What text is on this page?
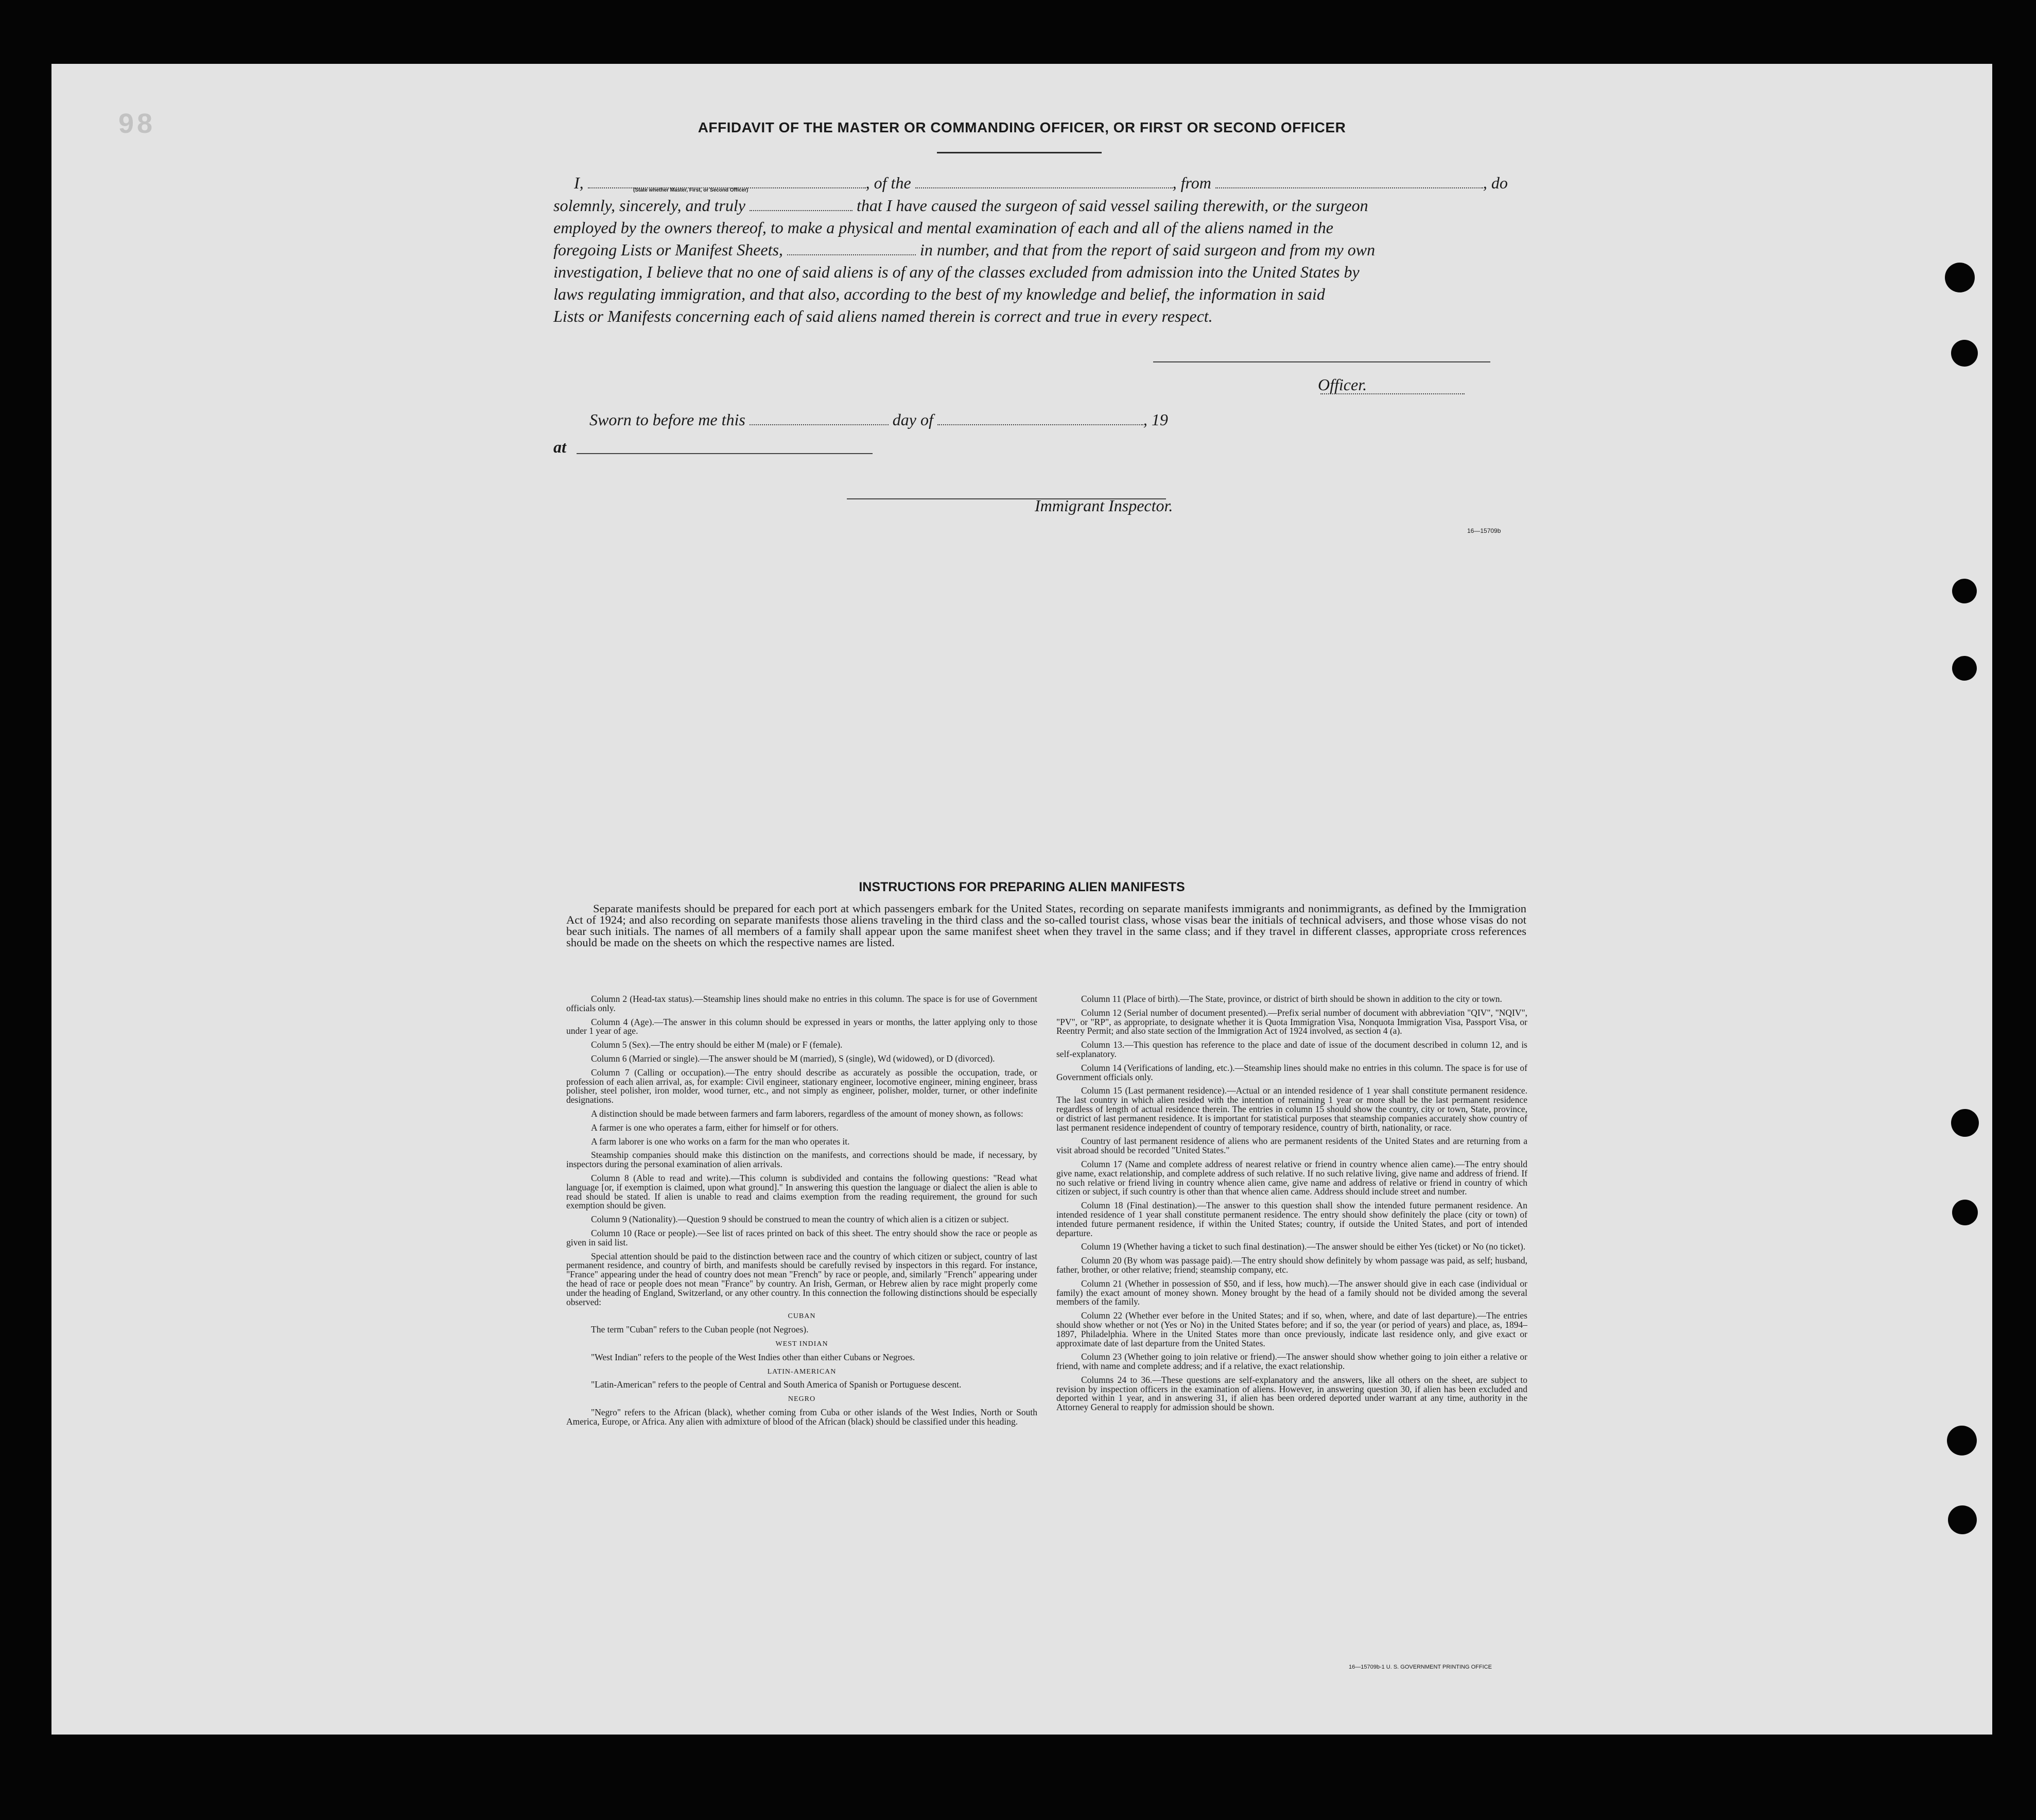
98	AFFIDAVIT OF THE MASTER OR COMMANDING OFFICER, OR FIRST OR SECOND OFFICER
I,	, of the	, from	, do
(State whether Master, First, or Second Officer)
solemnly, sincerely, and truly	that I have caused the surgeon of said vessel sailing therewith, or the surgeon
employed by the owners thereof, to make a physical and mental examination of each and all of the aliens named in the
foregoing Lists or Manifest Sheets,	in number, and that from the report of said surgeon and from my own
investigation, I believe that no one of said aliens is of any of the classes excluded from admission into the United States by
laws regulating immigration, and that also, according to the best of my knowledge and belief, the information in said
Lists or Manifests concerning each of said aliens named therein is correct and true in every respect.
Officer.
Sworn to before me this	day of	, 19
at
Immigrant Inspector.
16—15709b
INSTRUCTIONS FOR PREPARING ALIEN MANIFESTS
Separate manifests should be prepared for each port at which passengers embark for the United States, recording on separate manifests immigrants and nonimmigrants, as defined by the Immigration Act of 1924; and also recording on separate manifests those aliens traveling in the third class and the so-called tourist class, whose visas bear the initials of technical advisers, and those whose visas do not bear such initials. The names of all members of a family shall appear upon the same manifest sheet when they travel in the same class; and if they travel in different classes, appropriate cross references should be made on the sheets on which the respective names are listed.

Column 2 (Head-tax status).—Steamship lines should make no entries in this column. The space is for use of Government officials only.

Column 4 (Age).—The answer in this column should be expressed in years or months, the latter applying only to those under 1 year of age.

Column 5 (Sex).—The entry should be either M (male) or F (female).

Column 6 (Married or single).—The answer should be M (married), S (single), Wd (widowed), or D (divorced).

Column 7 (Calling or occupation).—The entry should describe as accurately as possible the occupation, trade, or profession of each alien arrival, as, for example: Civil engineer, stationary engineer, locomotive engineer, mining engineer, brass polisher, steel polisher, iron molder, wood turner, etc., and not simply as engineer, polisher, molder, turner, or other indefinite designations.

A distinction should be made between farmers and farm laborers, regardless of the amount of money shown, as follows:

A farmer is one who operates a farm, either for himself or for others.

A farm laborer is one who works on a farm for the man who operates it.

Steamship companies should make this distinction on the manifests, and corrections should be made, if necessary, by inspectors during the personal examination of alien arrivals.

Column 8 (Able to read and write).—This column is subdivided and contains the following questions: "Read what language [or, if exemption is claimed, upon what ground]." In answering this question the language or dialect the alien is able to read should be stated. If alien is unable to read and claims exemption from the reading requirement, the ground for such exemption should be given.

Column 9 (Nationality).—Question 9 should be construed to mean the country of which alien is a citizen or subject.

Column 10 (Race or people).—See list of races printed on back of this sheet. The entry should show the race or people as given in said list.

Special attention should be paid to the distinction between race and the country of which citizen or subject, country of last permanent residence, and country of birth, and manifests should be carefully revised by inspectors in this regard. For instance, "France" appearing under the head of country does not mean "French" by race or people, and, similarly "French" appearing under the head of race or people does not mean "France" by country. An Irish, German, or Hebrew alien by race might properly come under the heading of England, Switzerland, or any other country. In this connection the following distinctions should be especially observed:

CUBAN

The term "Cuban" refers to the Cuban people (not Negroes).

WEST INDIAN

"West Indian" refers to the people of the West Indies other than either Cubans or Negroes.

LATIN-AMERICAN

"Latin-American" refers to the people of Central and South America of Spanish or Portuguese descent.

NEGRO

"Negro" refers to the African (black), whether coming from Cuba or other islands of the West Indies, North or South America, Europe, or Africa. Any alien with admixture of blood of the African (black) should be classified under this heading.

Column 11 (Place of birth).—The State, province, or district of birth should be shown in addition to the city or town.

Column 12 (Serial number of document presented).—Prefix serial number of document with abbreviation "QIV", "NQIV", "PV", or "RP", as appropriate, to designate whether it is Quota Immigration Visa, Nonquota Immigration Visa, Passport Visa, or Reentry Permit; and also state section of the Immigration Act of 1924 involved, as section 4 (a).

Column 13.—This question has reference to the place and date of issue of the document described in column 12, and is self-explanatory.

Column 14 (Verifications of landing, etc.).—Steamship lines should make no entries in this column. The space is for use of Government officials only.

Column 15 (Last permanent residence).—Actual or an intended residence of 1 year shall constitute permanent residence. The last country in which alien resided with the intention of remaining 1 year or more shall be the last permanent residence regardless of length of actual residence therein. The entries in column 15 should show the country, city or town, State, province, or district of last permanent residence. It is important for statistical purposes that steamship companies accurately show country of last permanent residence independent of country of temporary residence, country of birth, nationality, or race.

Country of last permanent residence of aliens who are permanent residents of the United States and are returning from a visit abroad should be recorded "United States."

Column 17 (Name and complete address of nearest relative or friend in country whence alien came).—The entry should give name, exact relationship, and complete address of such relative. If no such relative living, give name and address of friend. If no such relative or friend living in country whence alien came, give name and address of relative or friend in country of which citizen or subject, if such country is other than that whence alien came. Address should include street and number.

Column 18 (Final destination).—The answer to this question shall show the intended future permanent residence. An intended residence of 1 year shall constitute permanent residence. The entry should show definitely the place (city or town) of intended future permanent residence, if within the United States; country, if outside the United States, and port of intended departure.

Column 19 (Whether having a ticket to such final destination).—The answer should be either Yes (ticket) or No (no ticket).

Column 20 (By whom was passage paid).—The entry should show definitely by whom passage was paid, as self; husband, father, brother, or other relative; friend; steamship company, etc.

Column 21 (Whether in possession of $50, and if less, how much).—The answer should give in each case (individual or family) the exact amount of money shown. Money brought by the head of a family should not be divided among the several members of the family.

Column 22 (Whether ever before in the United States; and if so, when, where, and date of last departure).—The entries should show whether or not (Yes or No) in the United States before; and if so, the year (or period of years) and place, as, 1894–1897, Philadelphia. Where in the United States more than once previously, indicate last residence only, and give exact or approximate date of last departure from the United States.

Column 23 (Whether going to join relative or friend).—The answer should show whether going to join either a relative or friend, with name and complete address; and if a relative, the exact relationship.

Columns 24 to 36.—These questions are self-explanatory and the answers, like all others on the sheet, are subject to revision by inspection officers in the examination of aliens. However, in answering question 30, if alien has been excluded and deported within 1 year, and in answering 31, if alien has been ordered deported under warrant at any time, authority in the Attorney General to reapply for admission should be shown.

16—15709b-1 U. S. GOVERNMENT PRINTING OFFICE
